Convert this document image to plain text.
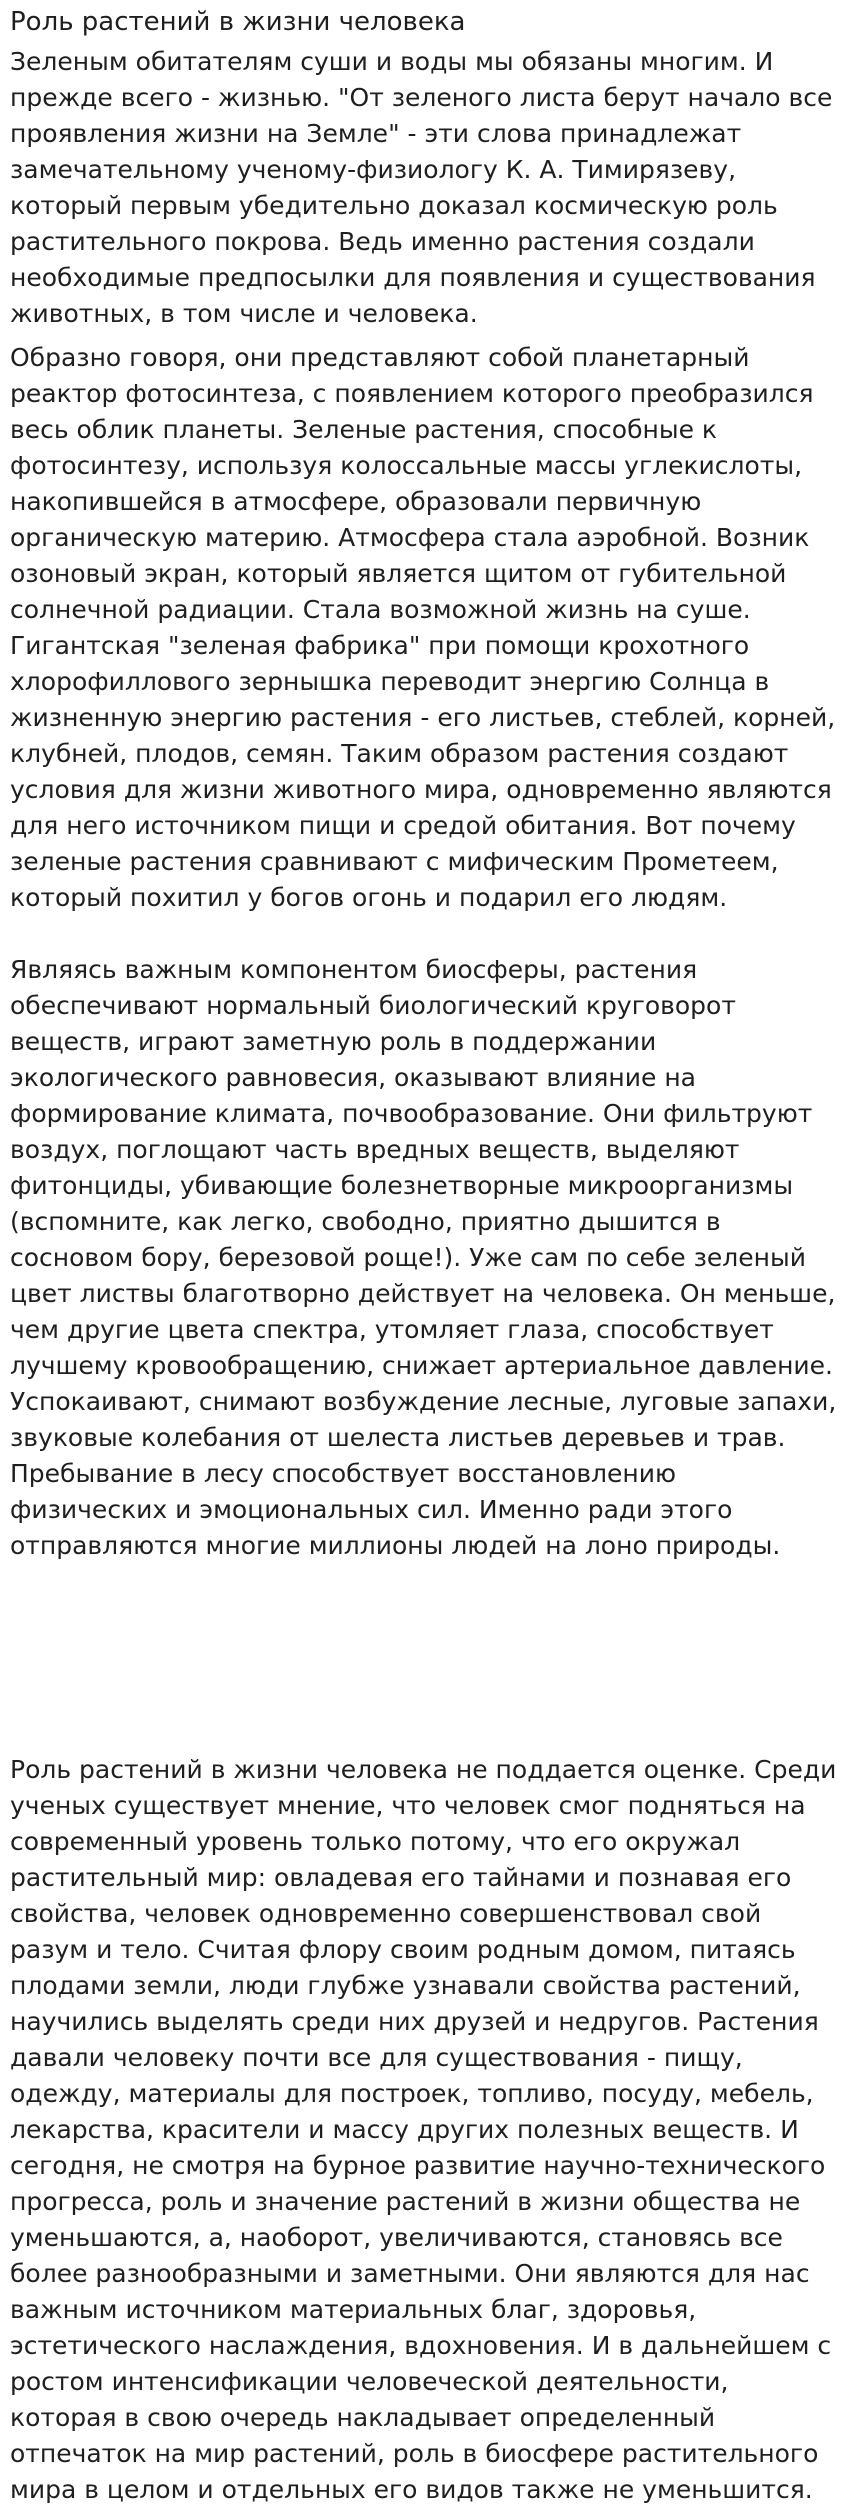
Роль растений в жизни человека

Зеленым обитателям суши и воды мы обязаны многим. И прежде всего - жизнью. "От зеленого листа берут начало все проявления жизни на Земле" - эти слова принадлежат замечательному ученому-физиологу К. А. Тимирязеву, который первым убедительно доказал космическую роль растительного покрова. Ведь именно растения создали необходимые предпосылки для появления и существования животных, в том числе и человека.

Образно говоря, они представляют собой планетарный реактор фотосинтеза, с появлением которого преобразился весь облик планеты. Зеленые растения, способные к фотосинтезу, используя колоссальные массы углекислоты, накопившейся в атмосфере, образовали первичную органическую материю. Атмосфера стала аэробной. Возник озоновый экран, который является щитом от губительной солнечной радиации. Стала возможной жизнь на суше. Гигантская "зеленая фабрика" при помощи крохотного хлорофиллового зернышка переводит энергию Солнца в жизненную энергию растения - его листьев, стеблей, корней, клубней, плодов, семян. Таким образом растения создают условия для жизни животного мира, одновременно являются для него источником пищи и средой обитания. Вот почему зеленые растения сравнивают с мифическим Прометеем, который похитил у богов огонь и подарил его людям.

Являясь важным компонентом биосферы, растения обеспечивают нормальный биологический круговорот веществ, играют заметную роль в поддержании экологического равновесия, оказывают влияние на формирование климата, почвообразование. Они фильтруют воздух, поглощают часть вредных веществ, выделяют фитонциды, убивающие болезнетворные микроорганизмы (вспомните, как легко, свободно, приятно дышится в сосновом бору, березовой роще!). Уже сам по себе зеленый цвет листвы благотворно действует на человека. Он меньше, чем другие цвета спектра, утомляет глаза, способствует лучшему кровообращению, снижает артериальное давление. Успокаивают, снимают возбуждение лесные, луговые запахи, звуковые колебания от шелеста листьев деревьев и трав. Пребывание в лесу способствует восстановлению физических и эмоциональных сил. Именно ради этого отправляются многие миллионы людей на лоно природы.

Роль растений в жизни человека не поддается оценке. Среди ученых существует мнение, что человек смог подняться на современный уровень только потому, что его окружал растительный мир: овладевая его тайнами и познавая его свойства, человек одновременно совершенствовал свой разум и тело. Считая флору своим родным домом, питаясь плодами земли, люди глубже узнавали свойства растений, научились выделять среди них друзей и недругов. Растения давали человеку почти все для существования - пищу, одежду, материалы для построек, топливо, посуду, мебель, лекарства, красители и массу других полезных веществ. И сегодня, не смотря на бурное развитие научно-технического прогресса, роль и значение растений в жизни общества не уменьшаются, а, наоборот, увеличиваются, становясь все более разнообразными и заметными. Они являются для нас важным источником материальных благ, здоровья, эстетического наслаждения, вдохновения. И в дальнейшем с ростом интенсификации человеческой деятельности, которая в свою очередь накладывает определенный отпечаток на мир растений, роль в биосфере растительного мира в целом и отдельных его видов также не уменьшится.
